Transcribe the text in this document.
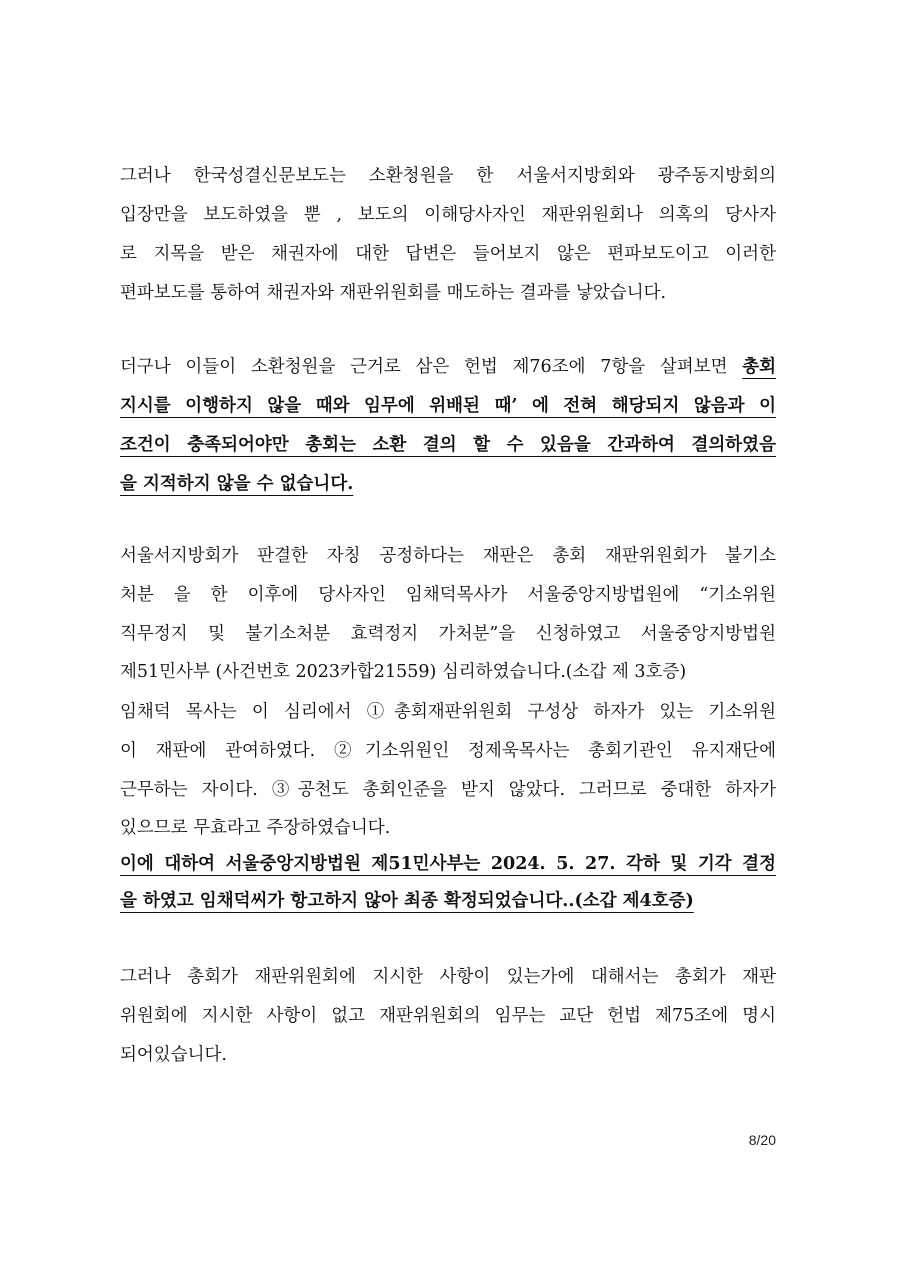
그러나 한국성결신문보도는 소환청원을 한 서울서지방회와 광주동지방회의
입장만을 보도하였을 뿐 , 보도의 이해당사자인 재판위원회나 의혹의 당사자
로 지목을 받은 채권자에 대한 답변은 들어보지 않은 편파보도이고 이러한
편파보도를 통하여 채권자와 재판위원회를 매도하는 결과를 낳았습니다.
더구나 이들이 소환청원을 근거로 삼은 헌법 제76조에 7항을 살펴보면 총회
지시를 이행하지 않을 때와 임무에 위배된 때’ 에 전혀 해당되지 않음과 이
조건이 충족되어야만 총회는 소환 결의 할 수 있음을 간과하여 결의하였음
을 지적하지 않을 수 없습니다.
서울서지방회가 판결한 자칭 공정하다는 재판은 총회 재판위원회가 불기소
처분 을 한 이후에 당사자인 임채덕목사가 서울중앙지방법원에 “기소위원
직무정지 및 불기소처분 효력정지 가처분”을 신청하였고 서울중앙지방법원
제51민사부 (사건번호 2023카합21559) 심리하였습니다.(소갑 제 3호증)
임채덕 목사는 이 심리에서 ①총회재판위원회 구성상 하자가 있는 기소위원
이 재판에 관여하였다. ②기소위원인 정제욱목사는 총회기관인 유지재단에
근무하는 자이다. ③공천도 총회인준을 받지 않았다. 그러므로 중대한 하자가
있으므로 무효라고 주장하였습니다.
이에 대하여 서울중앙지방법원 제51민사부는 2024. 5. 27. 각하 및 기각 결정
을 하였고 임채덕씨가 항고하지 않아 최종 확정되었습니다..(소갑 제4호증)
그러나 총회가 재판위원회에 지시한 사항이 있는가에 대해서는 총회가 재판
위원회에 지시한 사항이 없고 재판위원회의 임무는 교단 헌법 제75조에 명시
되어있습니다.
8/20
